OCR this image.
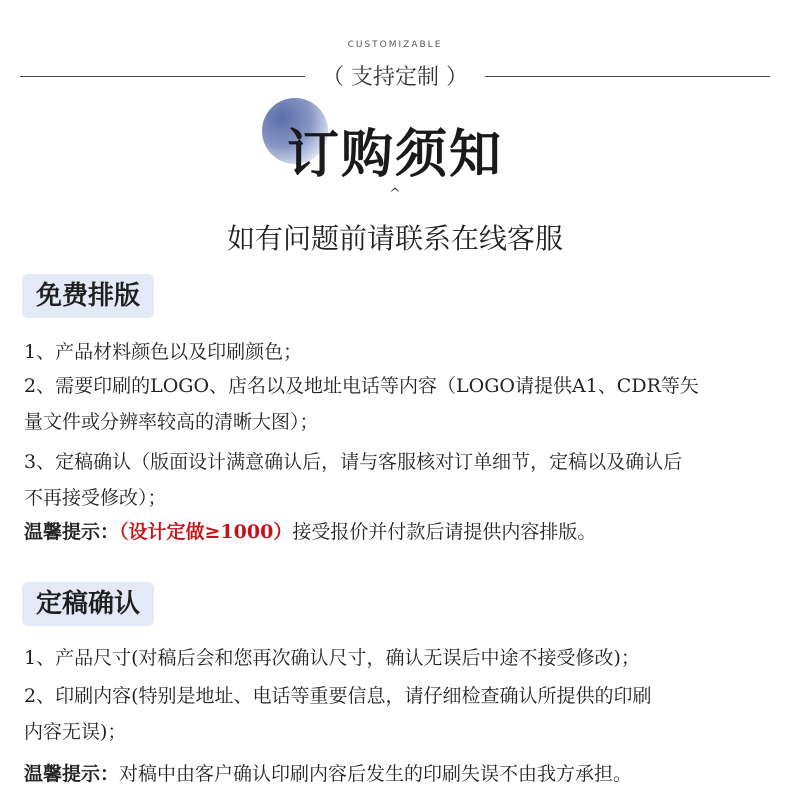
CUSTOMIZABLE
（ 支持定制 ）
订购须知
^
如有问题前请联系在线客服
免费排版
1、产品材料颜色以及印刷颜色；
2、需要印刷的LOGO、店名以及地址电话等内容（LOGO请提供A1、CDR等矢
量文件或分辨率较高的清晰大图）；
3、定稿确认（版面设计满意确认后，请与客服核对订单细节，定稿以及确认后
不再接受修改）；
温馨提示：（设计定做≥1000）接受报价并付款后请提供内容排版。
定稿确认
1、产品尺寸(对稿后会和您再次确认尺寸，确认无误后中途不接受修改)；
2、印刷内容(特别是地址、电话等重要信息，请仔细检查确认所提供的印刷
内容无误)；
温馨提示：对稿中由客户确认印刷内容后发生的印刷失误不由我方承担。
